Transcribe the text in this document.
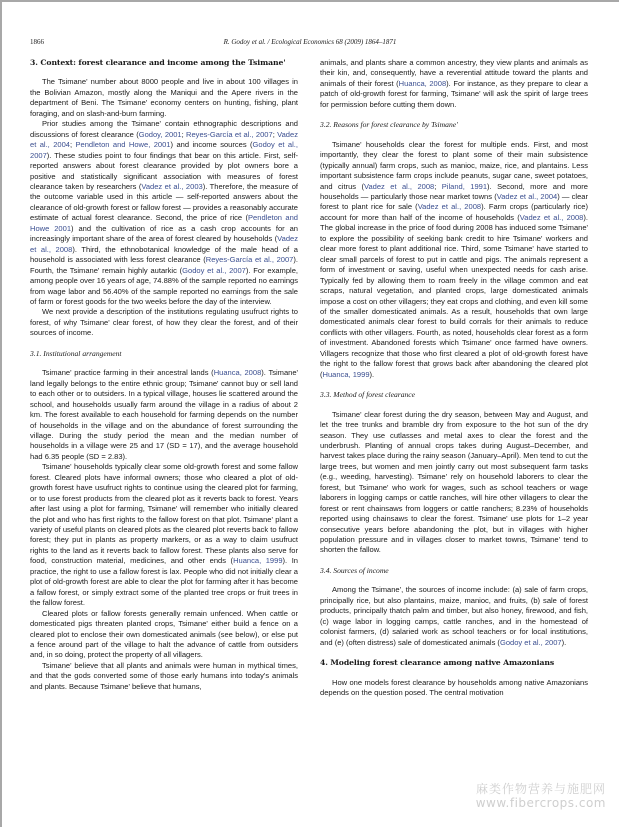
1866	R. Godoy et al. / Ecological Economics 68 (2009) 1864–1871
3. Context: forest clearance and income among the Tsimane'

The Tsimane' number about 8000 people and live in about 100 villages in the Bolivian Amazon, mostly along the Maniqui and the Apere rivers in the department of Beni. The Tsimane' economy centers on hunting, fishing, plant foraging, and on slash-and-burn farming.

Prior studies among the Tsimane' contain ethnographic descriptions and discussions of forest clearance (Godoy, 2001; Reyes-García et al., 2007; Vadez et al., 2004; Pendleton and Howe, 2001) and income sources (Godoy et al., 2007). These studies point to four findings that bear on this article. First, self-reported answers about forest clearance provided by plot owners bore a positive and statistically significant association with measures of forest clearance taken by researchers (Vadez et al., 2003). Therefore, the measure of the outcome variable used in this article — self-reported answers about the clearance of old-growth forest or fallow forest — provides a reasonably accurate estimate of actual forest clearance. Second, the price of rice (Pendleton and Howe 2001) and the cultivation of rice as a cash crop accounts for an increasingly important share of the area of forest cleared by households (Vadez et al., 2008). Third, the ethnobotanical knowledge of the male head of a household is associated with less forest clearance (Reyes-García et al., 2007). Fourth, the Tsimane' remain highly autarkic (Godoy et al., 2007). For example, among people over 16 years of age, 74.88% of the sample reported no earnings from wage labor and 56.40% of the sample reported no earnings from the sale of farm or forest goods for the two weeks before the day of the interview.

We next provide a description of the institutions regulating usufruct rights to forest, of why Tsimane' clear forest, of how they clear the forest, and of their sources of income.

3.1. Institutional arrangement

Tsimane' practice farming in their ancestral lands (Huanca, 2008). Tsimane' land legally belongs to the entire ethnic group; Tsimane' cannot buy or sell land to each other or to outsiders. In a typical village, houses lie scattered around the school, and households usually farm around the village in a radius of about 2 km. The forest available to each household for farming depends on the number of households in the village and on the abundance of forest surrounding the village. During the study period the mean and the median number of households in a village were 25 and 17 (SD = 17), and the average household had 6.35 people (SD = 2.83).

Tsimane' households typically clear some old-growth forest and some fallow forest. Cleared plots have informal owners; those who cleared a plot of old-growth forest have usufruct rights to continue using the cleared plot for farming, or to use forest products from the cleared plot as it reverts back to forest. Years after last using a plot for farming, Tsimane' will remember who initially cleared the plot and who has first rights to the fallow forest on that plot. Tsimane' plant a variety of useful plants on cleared plots as the cleared plot reverts back to fallow forest; they put in plants as property markers, or as a way to claim usufruct rights to the land as it reverts back to fallow forest. These plants also serve for food, construction material, medicines, and other ends (Huanca, 1999). In practice, the right to use a fallow forest is lax. People who did not initially clear a plot of old-growth forest are able to clear the plot for farming after it has become a fallow forest, or simply extract some of the planted tree crops or fruit trees in the fallow forest.

Cleared plots or fallow forests generally remain unfenced. When cattle or domesticated pigs threaten planted crops, Tsimane' either build a fence on a cleared plot to enclose their own domesticated animals (see below), or else put a fence around part of the village to halt the advance of cattle from outsiders and, in so doing, protect the property of all villagers.

Tsimane' believe that all plants and animals were human in mythical times, and that the gods converted some of those early humans into today's animals and plants. Because Tsimane' believe that humans,

animals, and plants share a common ancestry, they view plants and animals as their kin, and, consequently, have a reverential attitude toward the plants and animals of their forest (Huanca, 2008). For instance, as they prepare to clear a patch of old-growth forest for farming, Tsimane' will ask the spirit of large trees for permission before cutting them down.

3.2. Reasons for forest clearance by Tsimane'

Tsimane' households clear the forest for multiple ends. First, and most importantly, they clear the forest to plant some of their main subsistence (typically annual) farm crops, such as manioc, maize, rice, and plantains. Less important subsistence farm crops include peanuts, sugar cane, sweet potatoes, and citrus (Vadez et al., 2008; Piland, 1991). Second, more and more households — particularly those near market towns (Vadez et al., 2004) — clear forest to plant rice for sale (Vadez et al., 2008). Farm crops (particularly rice) account for more than half of the income of households (Vadez et al., 2008). The global increase in the price of food during 2008 has induced some Tsimane' to explore the possibility of seeking bank credit to hire Tsimane' workers and clear more forest to plant additional rice. Third, some Tsimane' have started to clear small parcels of forest to put in cattle and pigs. The animals represent a form of investment or saving, useful when unexpected needs for cash arise. Typically fed by allowing them to roam freely in the village common and eat scraps, natural vegetation, and planted crops, large domesticated animals impose a cost on other villagers; they eat crops and clothing, and even kill some of the smaller domesticated animals. As a result, households that own large domesticated animals clear forest to build corrals for their animals to reduce conflicts with other villagers. Fourth, as noted, households clear forest as a form of investment. Abandoned forests which Tsimane' once farmed have owners. Villagers recognize that those who first cleared a plot of old-growth forest have the right to the fallow forest that grows back after abandoning the cleared plot (Huanca, 1999).

3.3. Method of forest clearance

Tsimane' clear forest during the dry season, between May and August, and let the tree trunks and bramble dry from exposure to the hot sun of the dry season. They use cutlasses and metal axes to clear the forest and the underbrush. Planting of annual crops takes during August–December, and harvest takes place during the rainy season (January–April). Men tend to cut the large trees, but women and men jointly carry out most subsequent farm tasks (e.g., weeding, harvesting). Tsimane' rely on household laborers to clear the forest, but Tsimane' who work for wages, such as school teachers or wage laborers in logging camps or cattle ranches, will hire other villagers to clear the forest or rent chainsaws from loggers or cattle ranchers; 8.23% of households reported using chainsaws to clear the forest. Tsimane' use plots for 1–2 year consecutive years before abandoning the plot, but in villages with higher population pressure and in villages closer to market towns, Tsimane' tend to shorten the fallow.

3.4. Sources of income

Among the Tsimane', the sources of income include: (a) sale of farm crops, principally rice, but also plantains, maize, manioc, and fruits, (b) sale of forest products, principally thatch palm and timber, but also honey, firewood, and fish, (c) wage labor in logging camps, cattle ranches, and in the homestead of colonist farmers, (d) salaried work as school teachers or for local institutions, and (e) (often distress) sale of domesticated animals (Godoy et al., 2007).

4. Modeling forest clearance among native Amazonians

How one models forest clearance by households among native Amazonians depends on the question posed. The central motivation

麻类作物营养与施肥网
www.fibercrops.com
